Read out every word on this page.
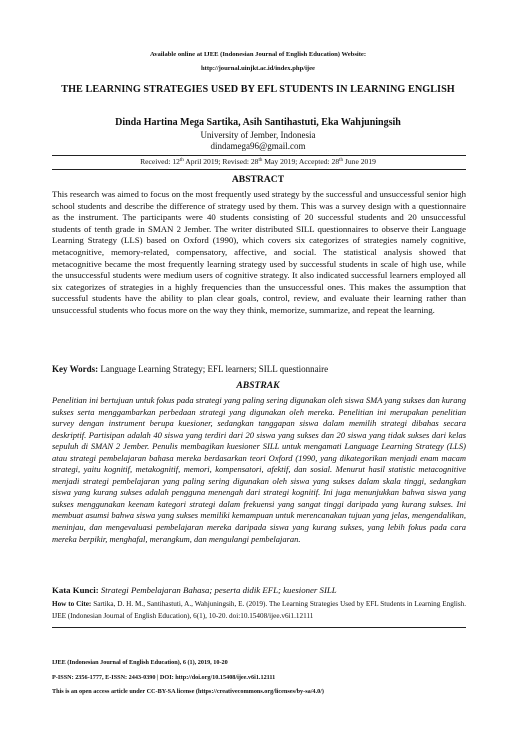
Available online at IJEE (Indonesian Journal of English Education) Website:
http://journal.uinjkt.ac.id/index.php/ijee
THE LEARNING STRATEGIES USED BY EFL STUDENTS IN LEARNING ENGLISH
Dinda Hartina Mega Sartika, Asih Santihastuti, Eka Wahjuningsih
University of Jember, Indonesia
dindamega96@gmail.com
Received: 12th April 2019; Revised: 28th May 2019; Accepted: 28th June 2019
ABSTRACT
This research was aimed to focus on the most frequently used strategy by the successful and unsuccessful senior high school students and describe the difference of strategy used by them. This was a survey design with a questionnaire as the instrument. The participants were 40 students consisting of 20 successful students and 20 unsuccessful students of tenth grade in SMAN 2 Jember. The writer distributed SILL questionnaires to observe their Language Learning Strategy (LLS) based on Oxford (1990), which covers six categorizes of strategies namely cognitive, metacognitive, memory-related, compensatory, affective, and social. The statistical analysis showed that metacognitive became the most frequently learning strategy used by successful students in scale of high use, while the unsuccessful students were medium users of cognitive strategy. It also indicated successful learners employed all six categorizes of strategies in a highly frequencies than the unsuccessful ones. This makes the assumption that successful students have the ability to plan clear goals, control, review, and evaluate their learning rather than unsuccessful students who focus more on the way they think, memorize, summarize, and repeat the learning.
Key Words: Language Learning Strategy; EFL learners; SILL questionnaire
ABSTRAK
Penelitian ini bertujuan untuk fokus pada strategi yang paling sering digunakan oleh siswa SMA yang sukses dan kurang sukses serta menggambarkan perbedaan strategi yang digunakan oleh mereka. Penelitian ini merupakan penelitian survey dengan instrument berupa kuesioner, sedangkan tanggapan siswa dalam memilih strategi dibahas secara deskriptif. Partisipan adalah 40 siswa yang terdiri dari 20 siswa yang sukses dan 20 siswa yang tidak sukses dari kelas sepuluh di SMAN 2 Jember. Penulis membagikan kuesioner SILL untuk mengamati Language Learning Strategy (LLS) atau strategi pembelajaran bahasa mereka berdasarkan teori Oxford (1990, yang dikategorikan menjadi enam macam strategi, yaitu kognitif, metakognitif, memori, kompensatori, afektif, dan sosial. Menurut hasil statistic metacognitive menjadi strategi pembelajaran yang paling sering digunakan oleh siswa yang sukses dalam skala tinggi, sedangkan siswa yang kurang sukses adalah pengguna menengah dari strategi kognitif. Ini juga menunjukkan bahwa siswa yang sukses menggunakan keenam kategori strategi dalam frekuensi yang sangat tinggi daripada yang kurang sukses. Ini membuat asumsi bahwa siswa yang sukses memiliki kemampuan untuk merencanakan tujuan yang jelas, mengendalikan, meninjau, dan mengevaluasi pembelajaran mereka daripada siswa yang kurang sukses, yang lebih fokus pada cara mereka berpikir, menghafal, merangkum, dan mengulangi pembelajaran.
Kata Kunci: Strategi Pembelajaran Bahasa; peserta didik EFL; kuesioner SILL
How to Cite: Sartika, D. H. M., Santihastuti, A., Wahjuningsih, E. (2019). The Learning Strategies Used by EFL Students in Learning English. IJEE (Indonesian Journal of English Education), 6(1), 10-20. doi:10.15408/ijee.v6i1.12111
IJEE (Indonesian Journal of English Education), 6 (1), 2019, 10-20
P-ISSN: 2356-1777, E-ISSN: 2443-0390 | DOI: http://doi.org/10.15408/ijee.v6i1.12111
This is an open access article under CC-BY-SA license (https://creativecommons.org/licenses/by-sa/4.0/)
